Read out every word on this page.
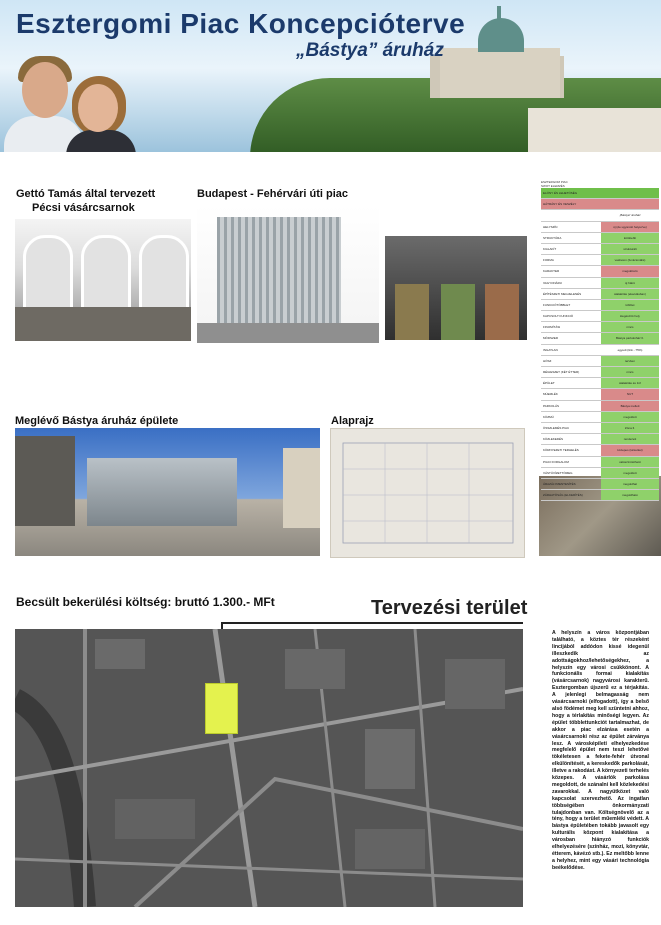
Esztergomi Piac Koncepcióterve
„Bástya” áruház
Gettó Tamás által tervezett
Pécsi vásárcsarnok
Budapest - Fehérvári úti piac
Meglévő Bástya áruház épülete	Alaprajz
ESZTERGOM PIAC
SWOT ELEMZÉS
ELŐNY ÉS LEHETŐSÉG
HÁTRÁNY ÉS VESZÉLY
„Bástya” áruház
HELYSZÍN	új (de ugyanott helyezve)
STRUKTÚRA	kötöttebb
KIALAKÍT	strukturált
FORMA	vasbeton (funkcionális)
KARAKTER	megváltozó
VAGYONÁRU	új hátrú
ÉPÍTÉSZETI MEGJELENÉS	átalakítás (elavulásban)
FUNKCIÓTÖBBLET	többlet
KAPCSOLT FUNKCIÓ	kiegészítő hely
FINOMÍTÁSI	nincs
MÓDSZER	Bástya parkolóház II.
INGATLAN	egyedi (link - 75%)
HŐSZ	tervben
RÉGIESZET (KÉT ÉTTER)	nincs
ÉPÜLET	átalakítás és 1/2
MŰEMLÉK	NUT
PARKOLÁS	Bástya mellett
KÖZMŰ	megoldott
ÖSSZLEMÉS PIAC	Zóna II.
KÖZLEKEDÉS	rendezett
KÖRNYEZETI TERHELÉS	közepes (társulási)
PIACI FORGALOM	valószínűsíthető
VÁSTÚVÍZETTÖMEG	megoldott
ÁRAZÁLYMENTESÍTÉS	megoldhat
ZÁRHATÓSÁG (ELKERÍTÉS)	megoldható
Becsült bekerülési költség: bruttó 1.300.- MFt	Tervezési terület
A helyszín a város központjában található, a köztes tér részeként lincijából addódon kissé idegenül illeszkedik az adottságokhoz/lehetőségekhez, a helyszín egy városi csúkkönont. A funkcionális formai kialakítás (vásárcsarnok) nagyvárosi karakterű. Esztergomban újszerű ez a térjakítás. A jelenlegi belmagasság nem vásárcsarnoki (elfogadott), így a belső alsó födémet meg kell szüntetni ahhoz, hogy a térlakítás minőségi legyen. Az épület többlettunkciót tartalmazhat, de akkor a piac elzárása esetén a vásárcsarnoki rész az épület zárványa lesz. A városképileti elhelyezkedése megfelelő épület nem teszi lehetővé tökéletesen a fekete-fehér útvonal elkülönítését, a kereskedők parkolását, illetve a rakodást. A környezeti terhelés közepes. A vásárlók parkolása megoldott, de szánalni kell közlekedési zavarokkal. A nagyütközet való kapcsolat szervezhető. Az ingatlan többségében önkormányzati tulajdonban van. Költségnövelő az a tény, hogy a terület műemléki védett. A bástya épületében tokább javasolt egy kulturális központ kialakítása a városban hiányzó funkciók elhelyezésére (színház, mozi, könyvtár, étterem, kávézó stb.). Ez meltőbb lenne a helyhez, mint egy vásári technológia beékelődése.
